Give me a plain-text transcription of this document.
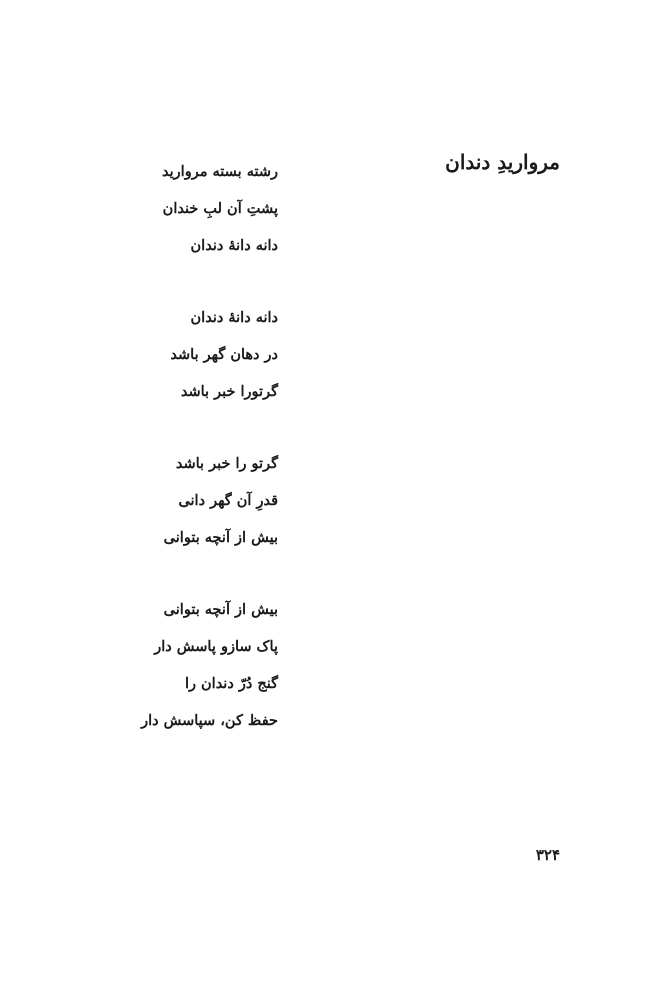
مرواریدِ دندان
رشته بسته مروارید
پشتِ آن لبِ خندان
دانه دانهٔ دندان
دانه دانهٔ دندان
در دهان گهر باشد
گرتورا خبر باشد
گرتو را خبر باشد
قدرِ آن گهر دانی
بیش از آنچه بتوانی
بیش از آنچه بتوانی
پاک سازو پاسش دار
گنج دُرّ دندان را
حفظ کن، سپاسش دار
۳۲۴
